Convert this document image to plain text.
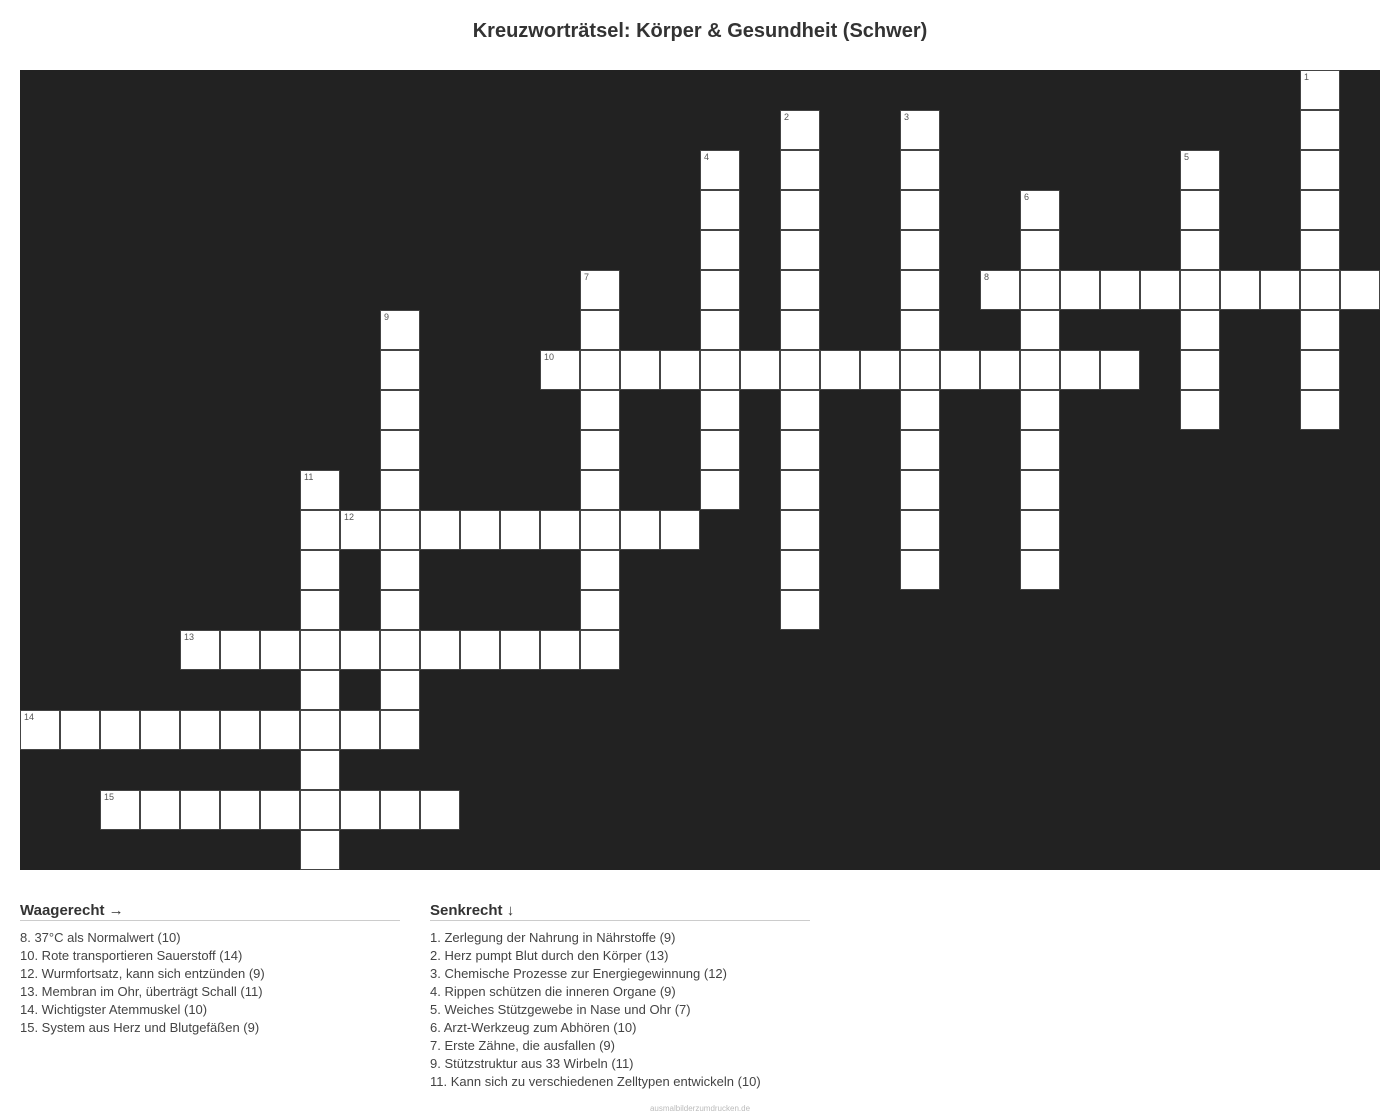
Kreuzworträtsel: Körper & Gesundheit (Schwer)
1
2	3
4	5
6
7	8
9
10
11
12
13
14
15
Waagerecht →
8. 37°C als Normalwert (10)
10. Rote transportieren Sauerstoff (14)
12. Wurmfortsatz, kann sich entzünden (9)
13. Membran im Ohr, überträgt Schall (11)
14. Wichtigster Atemmuskel (10)
15. System aus Herz und Blutgefäßen (9)
Senkrecht ↓
1. Zerlegung der Nahrung in Nährstoffe (9)
2. Herz pumpt Blut durch den Körper (13)
3. Chemische Prozesse zur Energiegewinnung (12)
4. Rippen schützen die inneren Organe (9)
5. Weiches Stützgewebe in Nase und Ohr (7)
6. Arzt-Werkzeug zum Abhören (10)
7. Erste Zähne, die ausfallen (9)
9. Stützstruktur aus 33 Wirbeln (11)
11. Kann sich zu verschiedenen Zelltypen entwickeln (10)
ausmalbilderzumdrucken.de
